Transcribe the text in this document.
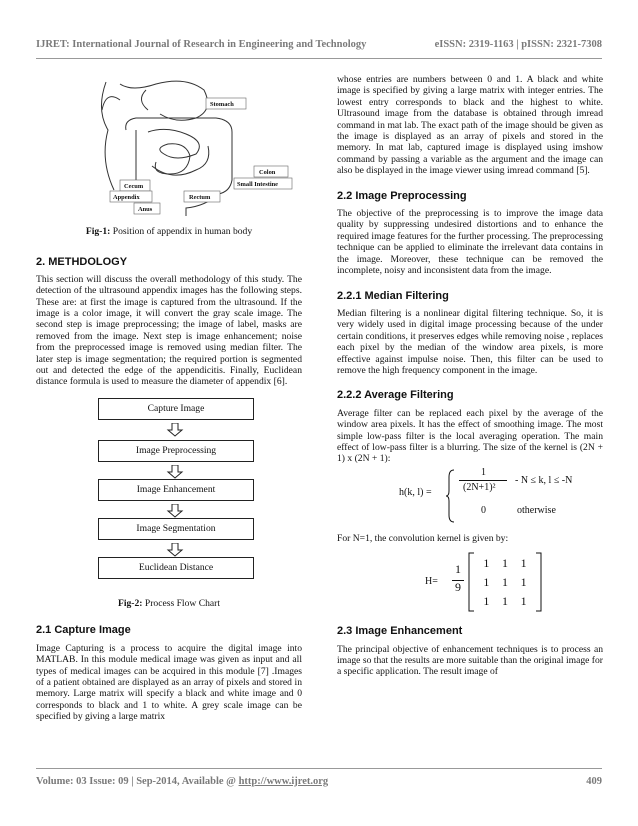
IJRET: International Journal of Research in Engineering and Technology	eISSN: 2319-1163 | pISSN: 2321-7308
Stomach
Colon
Small Intestine
Cecum
Appendix	Rectum
Anus
Fig-1: Position of appendix in human body
2. METHDOLOGY

This section will discuss the overall methodology of this study. The detection of the ultrasound appendix images has the following steps. These are: at first the image is captured from the ultrasound. If the image is a color image, it will convert the gray scale image. The second step is image preprocessing; the image of label, masks are removed from the image. Next step is image enhancement; noise from the preprocessed image is removed using median filter. The later step is image segmentation; the required portion is segmented out and detected the edge of the appendicitis. Finally, Euclidean distance formula is used to measure the diameter of appendix [6].

Capture Image
Image Preprocessing
Image Enhancement
Image Segmentation
Euclidean Distance
Fig-2: Process Flow Chart
2.1 Capture Image

Image Capturing is a process to acquire the digital image into MATLAB. In this module medical image was given as input and all types of medical images can be acquired in this module [7] .Images of a patient obtained are displayed as an array of pixels and stored in memory. Large matrix will specify a black and white image and 0 corresponds to black and 1 to white. A grey scale image can be specified by giving a large matrix

whose entries are numbers between 0 and 1. A black and white image is specified by giving a large matrix with integer entries. The lowest entry corresponds to black and the highest to white. Ultrasound image from the database is obtained through imread command in mat lab. The exact path of the image should be given as the image is displayed as an array of pixels and stored in the memory. In mat lab, captured image is displayed using imshow command by passing a variable as the argument and the image can also be displayed in the image viewer using imread command [5].

2.2 Image Preprocessing

The objective of the preprocessing is to improve the image data quality by suppressing undesired distortions and to enhance the required image features for the further processing. The preprocessing technique can be applied to eliminate the irrelevant data contains in the image. Moreover, these technique can be removed the incomplete, noisy and inconsistent data from the image.

2.2.1 Median Filtering

Median filtering is a nonlinear digital filtering technique. So, it is very widely used in digital image processing because of the under certain conditions, it preserves edges while removing noise , replaces each pixel by the median of the window area pixels, is more effective against impulse noise. Then, this filter can be used to remove the high frequency component in the image.

2.2.2 Average Filtering

Average filter can be replaced each pixel by the average of the window area pixels. It has the effect of smoothing image. The most simple low-pass filter is the local averaging operation. The main effect of low-pass filter is a blurring. The size of the kernel is (2N + 1) x (2N + 1):

h(k, l) =
1
(2N+1)²
- N ≤ k, l ≤ -N
0	otherwise

For N=1, the convolution kernel is given by:

H=
1
9
1 1 1
1 1 1
1 1 1
2.3 Image Enhancement

The principal objective of enhancement techniques is to process an image so that the results are more suitable than the original image for a specific application. The result image of

Volume: 03 Issue: 09 | Sep-2014, Available @ http://www.ijret.org	409
